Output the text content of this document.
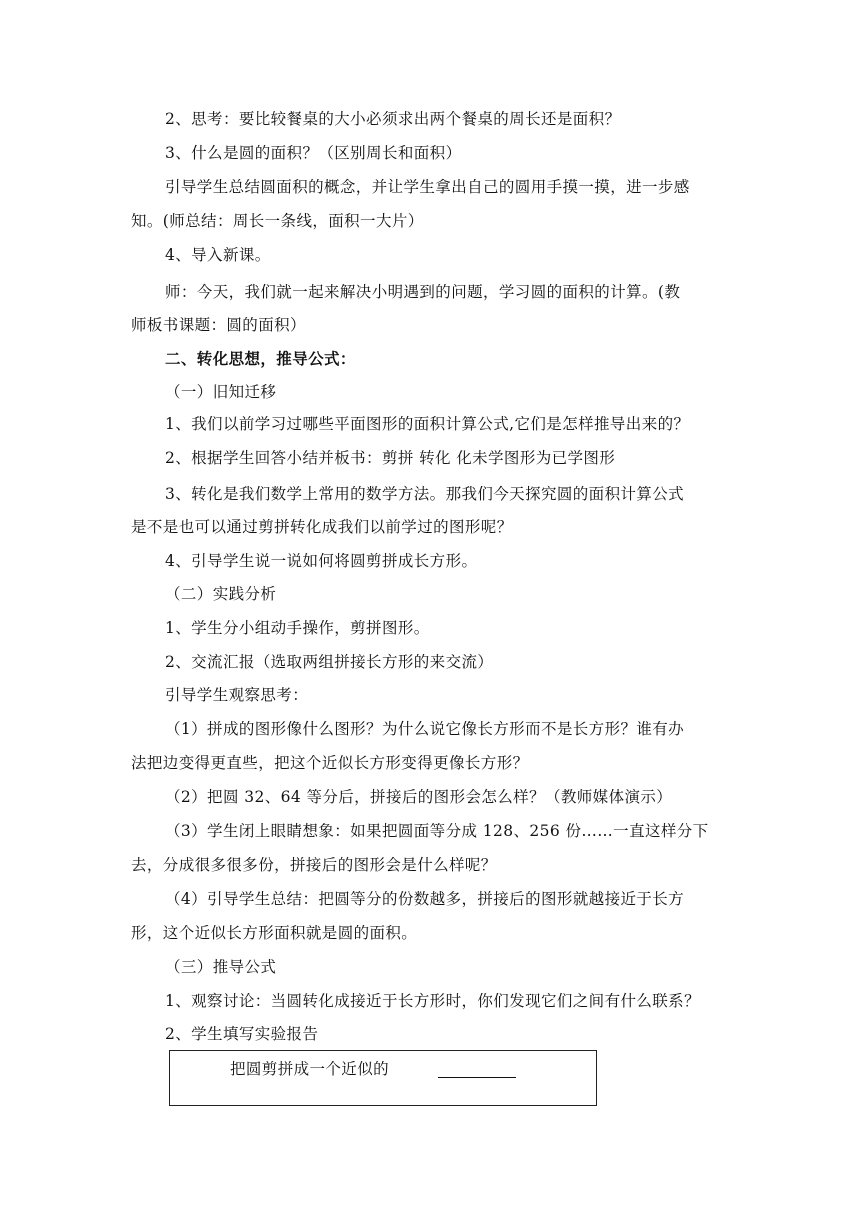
2、思考：要比较餐桌的大小必须求出两个餐桌的周长还是面积？
3、什么是圆的面积？（区别周长和面积）
引导学生总结圆面积的概念，并让学生拿出自己的圆用手摸一摸，进一步感
知。(师总结：周长一条线，面积一大片）
4、导入新课。
师：今天，我们就一起来解决小明遇到的问题，学习圆的面积的计算。(教
师板书课题：圆的面积）
二、转化思想，推导公式：
（一）旧知迁移
1、我们以前学习过哪些平面图形的面积计算公式,它们是怎样推导出来的？
2、根据学生回答小结并板书：剪拼 转化 化未学图形为已学图形
3、转化是我们数学上常用的数学方法。那我们今天探究圆的面积计算公式
是不是也可以通过剪拼转化成我们以前学过的图形呢？
4、引导学生说一说如何将圆剪拼成长方形。
（二）实践分析
1、学生分小组动手操作，剪拼图形。
2、交流汇报（选取两组拼接长方形的来交流）
引导学生观察思考：
（1）拼成的图形像什么图形？为什么说它像长方形而不是长方形？谁有办
法把边变得更直些，把这个近似长方形变得更像长方形？
（2）把圆 32、64 等分后，拼接后的图形会怎么样？（教师媒体演示）
（3）学生闭上眼睛想象：如果把圆面等分成 128、256 份……一直这样分下
去，分成很多很多份，拼接后的图形会是什么样呢？
（4）引导学生总结：把圆等分的份数越多，拼接后的图形就越接近于长方
形，这个近似长方形面积就是圆的面积。
（三）推导公式
1、观察讨论：当圆转化成接近于长方形时，你们发现它们之间有什么联系？
2、学生填写实验报告
把圆剪拼成一个近似的
